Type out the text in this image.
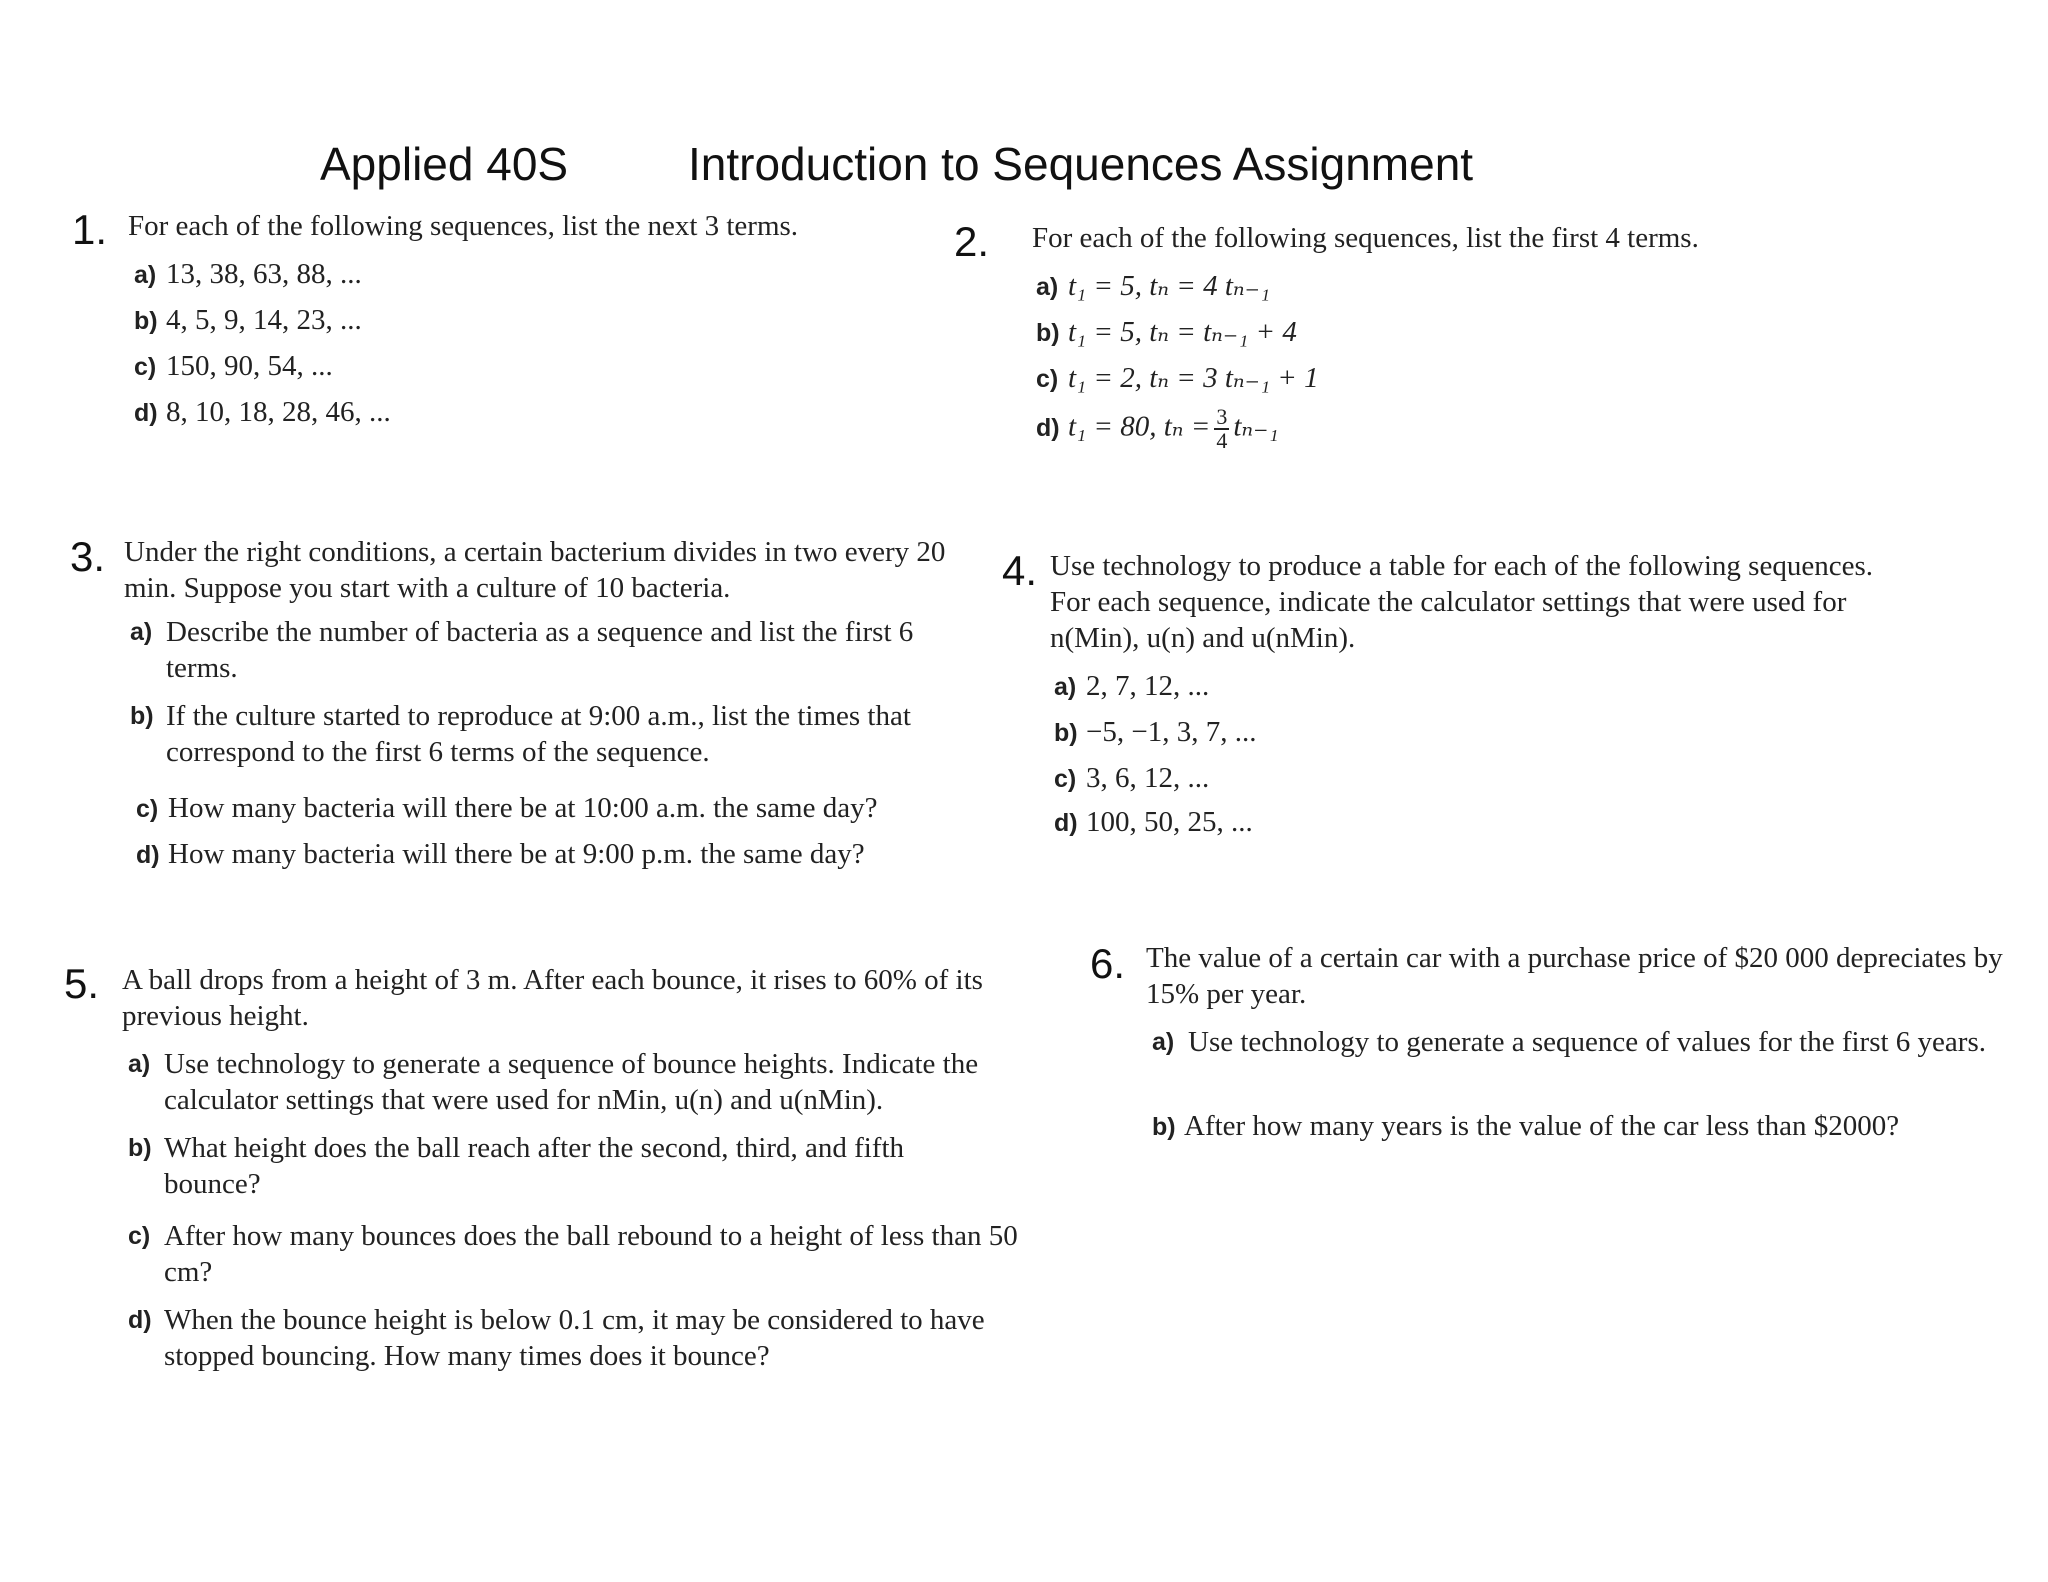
Applied 40S	Introduction to Sequences Assignment
1. For each of the following sequences, list the next 3 terms.
a) 13, 38, 63, 88, ...
b) 4, 5, 9, 14, 23, ...
c) 150, 90, 54, ...
d) 8, 10, 18, 28, 46, ...
2. For each of the following sequences, list the first 4 terms.
a) t₁ = 5, tₙ = 4 tₙ₋₁
b) t₁ = 5, tₙ = tₙ₋₁ + 4
c) t₁ = 2, tₙ = 3 tₙ₋₁ + 1
d) t₁ = 80, $t_n = \frac{3}{4} t_{n-1}$
3. Under the right conditions, a certain bacterium divides in two every 20 min. Suppose you start with a culture of 10 bacteria.
a) Describe the number of bacteria as a sequence and list the first 6 terms.
b) If the culture started to reproduce at 9:00 a.m., list the times that correspond to the first 6 terms of the sequence.
c) How many bacteria will there be at 10:00 a.m. the same day?
d) How many bacteria will there be at 9:00 p.m. the same day?
4. Use technology to produce a table for each of the following sequences. For each sequence, indicate the calculator settings that were used for n(Min), u(n) and u(nMin).
a) 2, 7, 12, ...
b) −5, −1, 3, 7, ...
c) 3, 6, 12, ...
d) 100, 50, 25, ...
5. A ball drops from a height of 3 m. After each bounce, it rises to 60% of its previous height.
a) Use technology to generate a sequence of bounce heights. Indicate the calculator settings that were used for nMin, u(n) and u(nMin).
b) What height does the ball reach after the second, third, and fifth bounce?
c) After how many bounces does the ball rebound to a height of less than 50 cm?
d) When the bounce height is below 0.1 cm, it may be considered to have stopped bouncing. How many times does it bounce?
6. The value of a certain car with a purchase price of $20 000 depreciates by 15% per year.
a) Use technology to generate a sequence of values for the first 6 years.
b) After how many years is the value of the car less than $2000?
